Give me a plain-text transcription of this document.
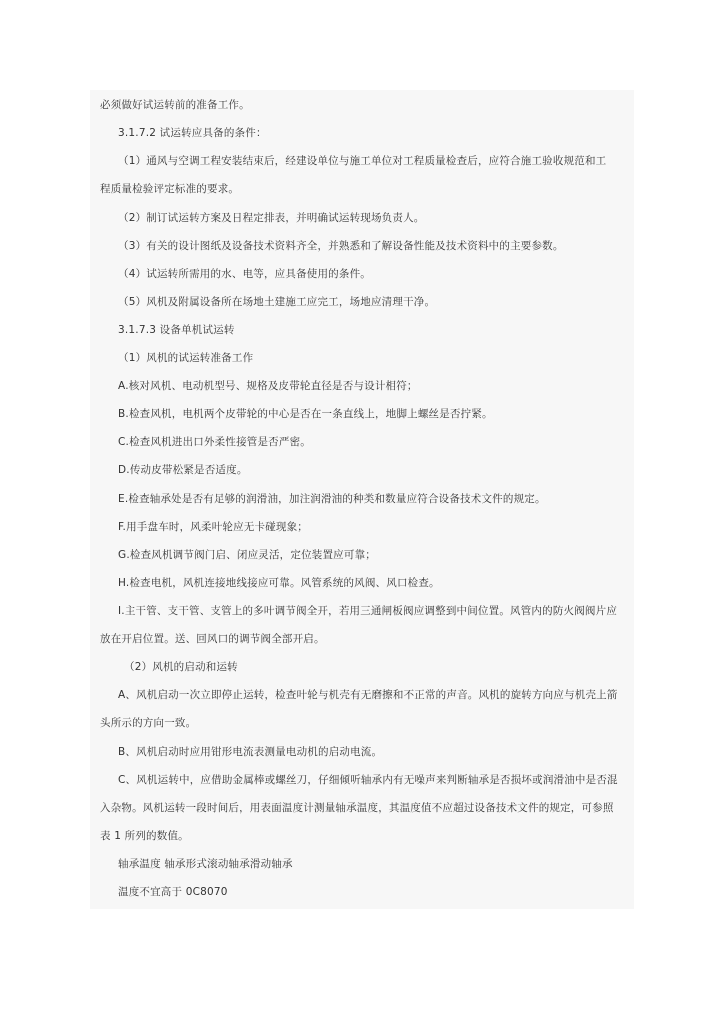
必须做好试运转前的准备工作。
3.1.7.2 试运转应具备的条件：
（1）通风与空调工程安装结束后，经建设单位与施工单位对工程质量检查后，应符合施工验收规范和工
程质量检验评定标准的要求。
（2）制订试运转方案及日程定排表，并明确试运转现场负责人。
（3）有关的设计图纸及设备技术资料齐全，并熟悉和了解设备性能及技术资料中的主要参数。
（4）试运转所需用的水、电等，应具备使用的条件。
（5）风机及附属设备所在场地土建施工应完工，场地应清理干净。
3.1.7.3 设备单机试运转
（1）风机的试运转准备工作
A.核对风机、电动机型号、规格及皮带轮直径是否与设计相符；
B.检查风机，电机两个皮带轮的中心是否在一条直线上，地脚上螺丝是否拧紧。
C.检查风机进出口外柔性接管是否严密。
D.传动皮带松紧是否适度。
E.检查轴承处是否有足够的润滑油，加注润滑油的种类和数量应符合设备技术文件的规定。
F.用手盘车时，风柔叶轮应无卡碰现象；
G.检查风机调节阀门启、闭应灵活，定位装置应可靠；
H.检查电机，风机连接地线接应可靠。风管系统的风阀、风口检查。
I.主干管、支干管、支管上的多叶调节阀全开，若用三通闸板阀应调整到中间位置。风管内的防火阀阀片应
放在开启位置。送、回风口的调节阀全部开启。
（2）风机的启动和运转
A、风机启动一次立即停止运转，检查叶轮与机壳有无磨擦和不正常的声音。风机的旋转方向应与机壳上箭
头所示的方向一致。
B、风机启动时应用钳形电流表测量电动机的启动电流。
C、风机运转中，应借助金属棒或螺丝刀，仔细倾听轴承内有无噪声来判断轴承是否损坏或润滑油中是否混
入杂物。风机运转一段时间后，用表面温度计测量轴承温度，其温度值不应超过设备技术文件的规定，可参照
表 1 所列的数值。
轴承温度 轴承形式滚动轴承滑动轴承
温度不宜高于 0C8070
